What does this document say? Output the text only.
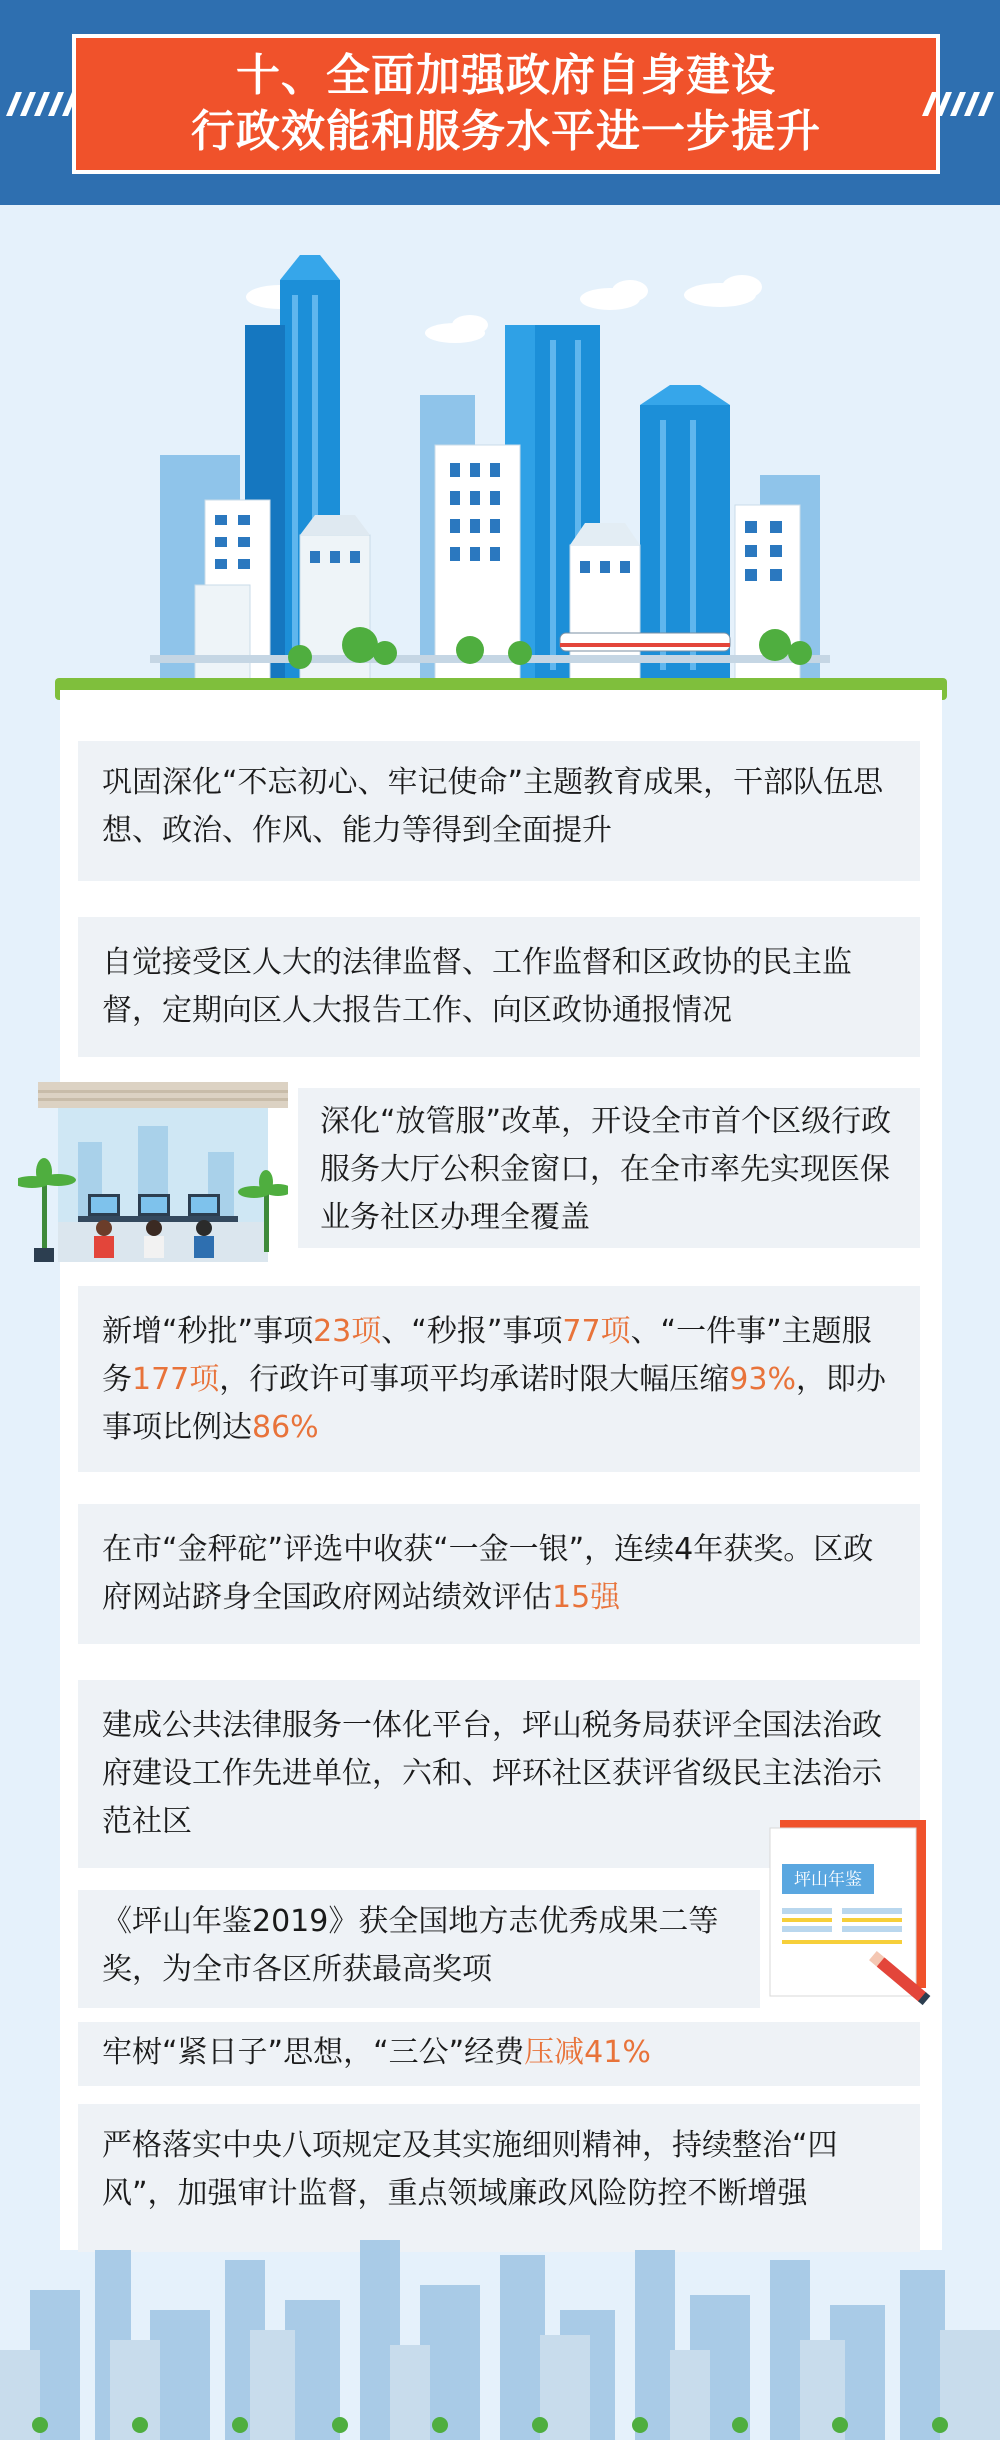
十、全面加强政府自身建设
行政效能和服务水平进一步提升
巩固深化“不忘初心、牢记使命”主题教育成果，干部队伍思想、政治、作风、能力等得到全面提升
自觉接受区人大的法律监督、工作监督和区政协的民主监督，定期向区人大报告工作、向区政协通报情况
深化“放管服”改革，开设全市首个区级行政服务大厅公积金窗口，在全市率先实现医保业务社区办理全覆盖
新增“秒批”事项23项、“秒报”事项77项、“一件事”主题服务177项，行政许可事项平均承诺时限大幅压缩93%，即办事项比例达86%
在市“金秤砣”评选中收获“一金一银”，连续4年获奖。区政府网站跻身全国政府网站绩效评估15强
建成公共法律服务一体化平台，坪山税务局获评全国法治政府建设工作先进单位，六和、坪环社区获评省级民主法治示范社区
《坪山年鉴2019》获全国地方志优秀成果二等奖，为全市各区所获最高奖项
坪山年鉴
牢树“紧日子”思想，“三公”经费压减41%
严格落实中央八项规定及其实施细则精神，持续整治“四风”，加强审计监督，重点领域廉政风险防控不断增强
